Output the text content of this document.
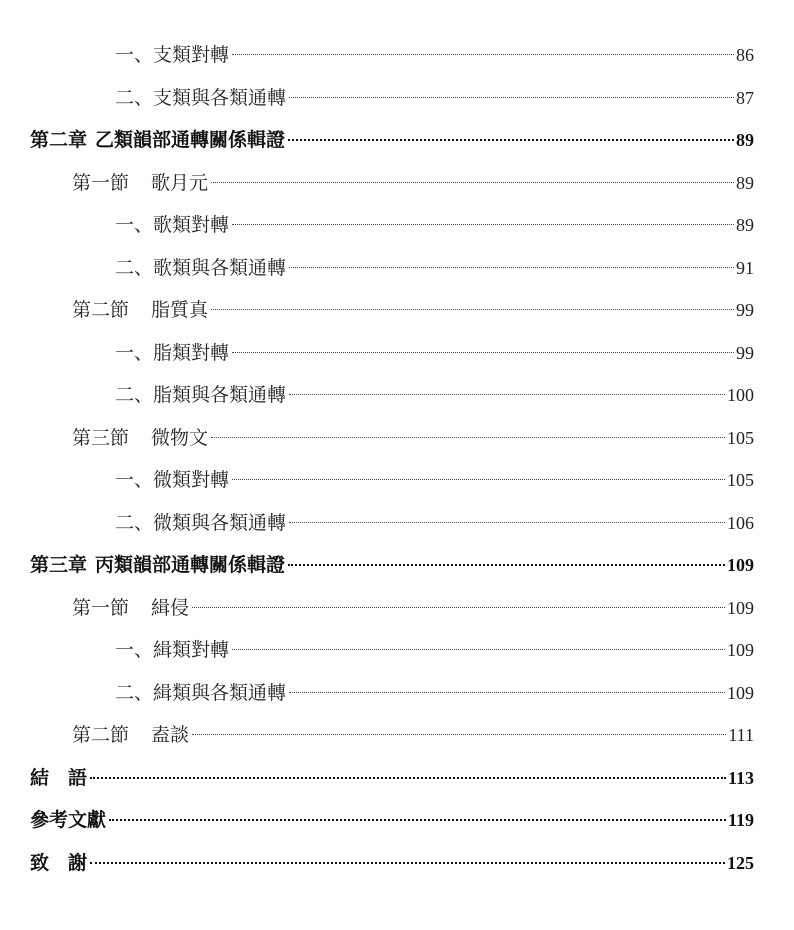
一、支類對轉	86
二、支類與各類通轉	87
第二章 乙類韻部通轉關係輯證	89
第一節 歌月元	89
一、歌類對轉	89
二、歌類與各類通轉	91
第二節 脂質真	99
一、脂類對轉	99
二、脂類與各類通轉	100
第三節 微物文	105
一、微類對轉	105
二、微類與各類通轉	106
第三章 丙類韻部通轉關係輯證	109
第一節 緝侵	109
一、緝類對轉	109
二、緝類與各類通轉	109
第二節 盍談	111
結　語	113
參考文獻	119
致　謝	125
